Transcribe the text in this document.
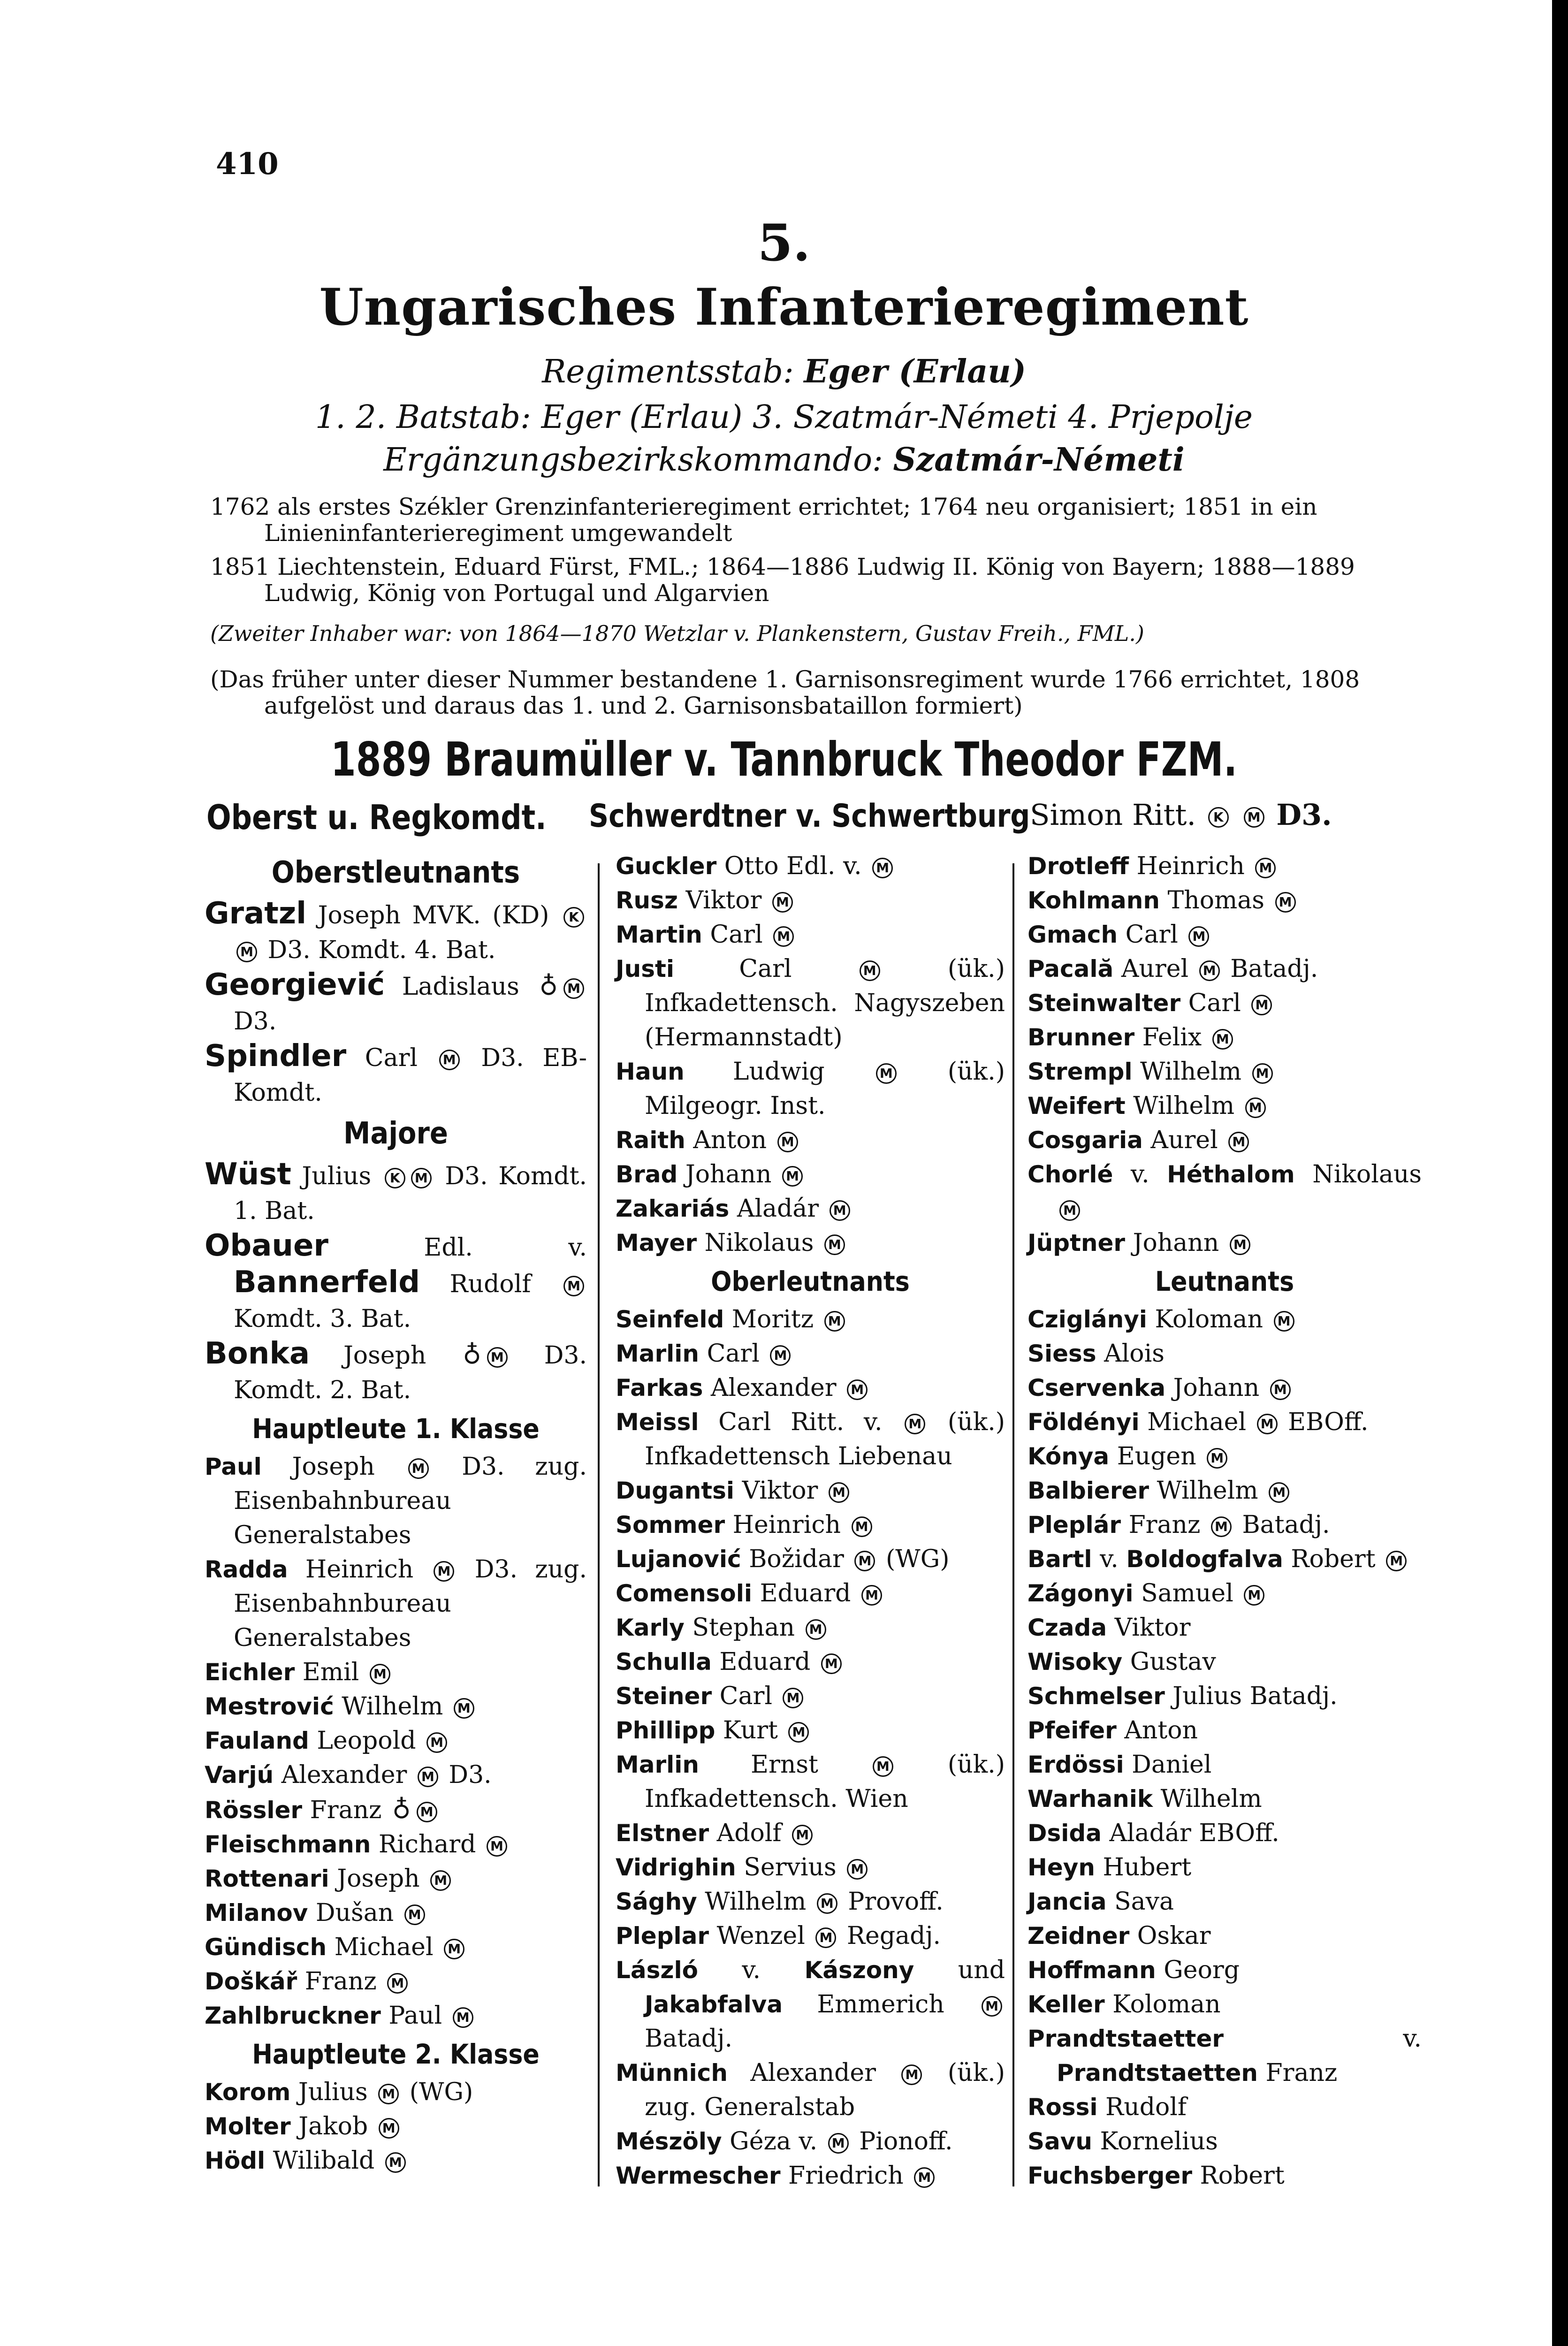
410
5.
Ungarisches Infanterieregiment
Regimentsstab: Eger (Erlau)
1. 2. Batstab: Eger (Erlau) 3. Szatmár-Németi 4. Prjepolje
Ergänzungsbezirkskommando: Szatmár-Németi

1762 als erstes Székler Grenzinfanterieregiment errichtet; 1764 neu organisiert; 1851 in ein Linieninfanterieregiment umgewandelt

1851 Liechtenstein, Eduard Fürst, FML.; 1864—1886 Ludwig II. König von Bayern; 1888—1889 Ludwig, König von Portugal und Algarvien

(Zweiter Inhaber war: von 1864—1870 Wetzlar v. Plankenstern, Gustav Freih., FML.)

(Das früher unter dieser Nummer bestandene 1. Garnisonsregiment wurde 1766 errichtet, 1808 aufgelöst und daraus das 1. und 2. Garnisonsbataillon formiert)

1889 Braumüller v. Tannbruck Theodor FZM.
Oberst u. Regkomdt. Schwerdtner v. Schwertburg Simon Ritt. K M D3.
Oberstleutnants
Gratzl Joseph MVK. (KD) KM D3. Komdt. 4. Bat.
Georgiević Ladislaus ♁ M D3.
Spindler Carl M D3. EB-Komdt.
Majore
Wüst Julius K M D3. Komdt. 1. Bat.
Obauer	Edl. v. Bannerfeld Rudolf	M Komdt. 3. Bat.
Bonka Joseph ♁ M D3. Komdt. 2. Bat.
Hauptleute 1. Klasse
Paul Joseph	M D3. zug. Eisenbahnbureau Generalstabes
Radda Heinrich M D3. zug. Eisenbahnbureau Generalstabes
Eichler Emil M
Mestrović Wilhelm M
Fauland Leopold M
Varjú Alexander M D3.
Rössler Franz ♁ M
Fleischmann Richard M
Rottenari Joseph M
Milanov Dušan M
Gündisch Michael M
Doškář Franz M
Zahlbruckner Paul M
Hauptleute 2. Klasse
Korom Julius M (WG)
Molter Jakob M
Hödl Wilibald M
Guckler Otto Edl. v. M
Rusz Viktor M
Martin Carl M
Justi	Carl	M	(ük.) Infkadettensch. Nagyszeben (Hermannstadt)
Haun Ludwig	M (ük.) Milgeogr. Inst.
Raith Anton M
Brad Johann M
Zakariás Aladár M
Mayer Nikolaus M
Oberleutnants
Seinfeld Moritz M
Marlin Carl M
Farkas Alexander M
Meissl Carl Ritt. v. M (ük.) Infkadettensch Liebenau
Dugantsi Viktor M
Sommer Heinrich M
Lujanović Božidar M (WG)
Comensoli Eduard M
Karly Stephan M
Schulla Eduard M
Steiner Carl M
Phillipp Kurt M
Marlin Ernst	M (ük.) Infkadettensch. Wien
Elstner Adolf M
Vidrighin Servius M
Sághy Wilhelm M Provoff.
Pleplar Wenzel M Regadj.
László v. Kászony und Jakabfalva Emmerich	M Batadj.
Münnich Alexander M (ük.) zug. Generalstab
Mészöly Géza v. M Pionoff.
Wermescher Friedrich M
Drotleff Heinrich M
Kohlmann Thomas M
Gmach Carl M
Pacală Aurel M Batadj.
Steinwalter Carl M
Brunner Felix M
Strempl Wilhelm M
Weifert Wilhelm M
Cosgaria Aurel M
Chorlé v. Héthalom Nikolaus M
Jüptner Johann M
Leutnants
Cziglányi Koloman M
Siess Alois
Cservenka Johann M
Földényi Michael M EBOff.
Kónya Eugen M
Balbierer Wilhelm M
Pleplár Franz M Batadj.
Bartl v. Boldogfalva Robert M
Zágonyi Samuel M
Czada Viktor
Wisoky Gustav
Schmelser Julius Batadj.
Pfeifer Anton
Erdössi Daniel
Warhanik Wilhelm
Dsida Aladár EBOff.
Heyn Hubert
Jancia Sava
Zeidner Oskar
Hoffmann Georg
Keller Koloman
Prandtstaetter	v. Prandtstaetten Franz
Rossi Rudolf
Savu Kornelius
Fuchsberger Robert
